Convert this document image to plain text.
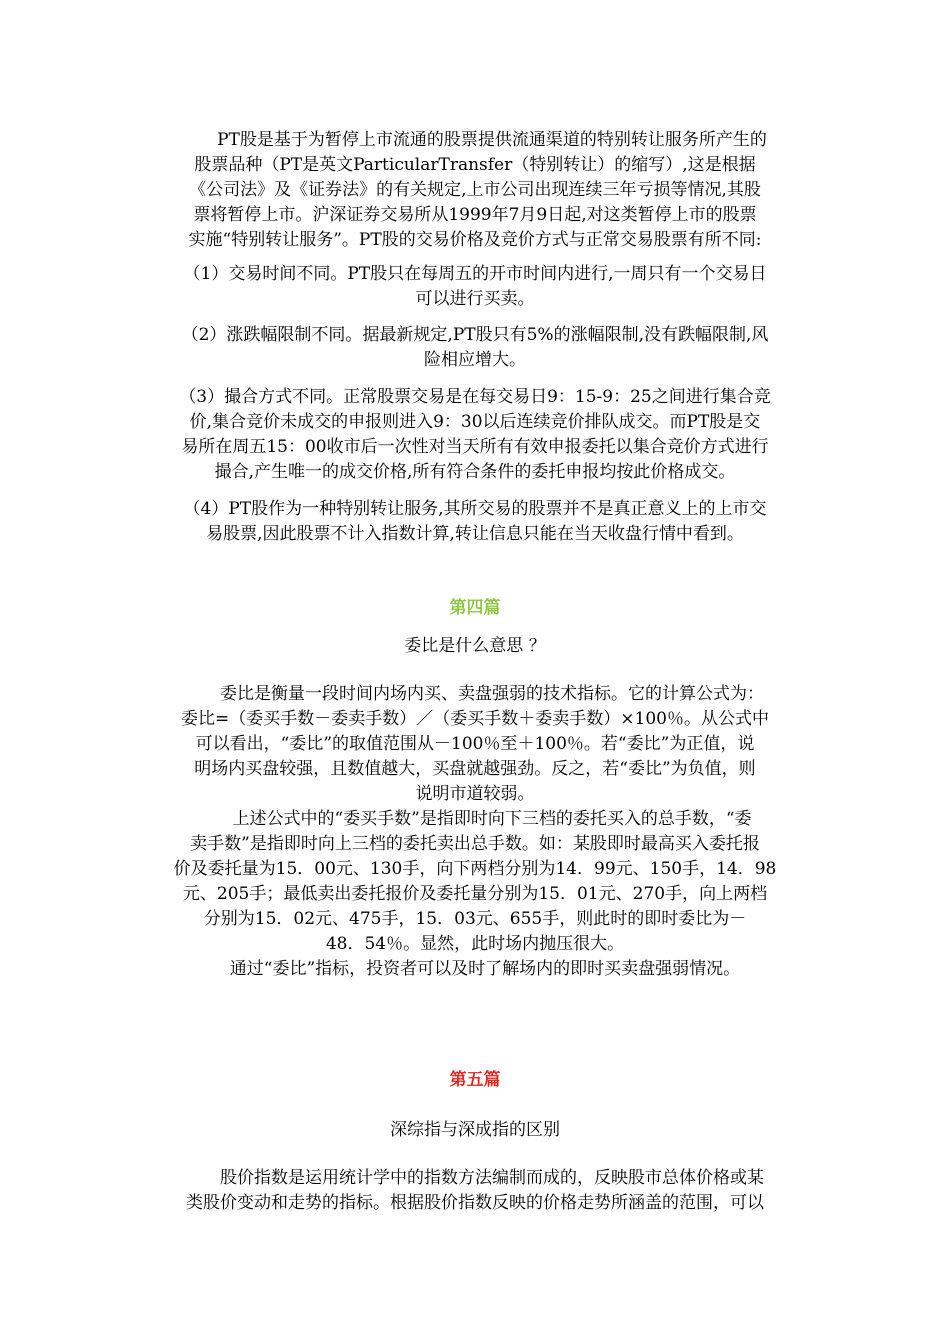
PT股是基于为暂停上市流通的股票提供流通渠道的特别转让服务所产生的
股票品种（PT是英文ParticularTransfer（特别转让）的缩写）,这是根据
《公司法》及《证券法》的有关规定,上市公司出现连续三年亏损等情况,其股
票将暂停上市。沪深证券交易所从1999年7月9日起,对这类暂停上市的股票
实施“特别转让服务”。PT股的交易价格及竞价方式与正常交易股票有所不同:
（1）交易时间不同。PT股只在每周五的开市时间内进行,一周只有一个交易日
可以进行买卖。
（2）涨跌幅限制不同。据最新规定,PT股只有5%的涨幅限制,没有跌幅限制,风
险相应增大。
（3）撮合方式不同。正常股票交易是在每交易日9：15-9：25之间进行集合竞
价,集合竞价未成交的申报则进入9：30以后连续竞价排队成交。而PT股是交
易所在周五15：00收市后一次性对当天所有有效申报委托以集合竞价方式进行
撮合,产生唯一的成交价格,所有符合条件的委托申报均按此价格成交。
（4）PT股作为一种特别转让服务,其所交易的股票并不是真正意义上的上市交
易股票,因此股票不计入指数计算,转让信息只能在当天收盘行情中看到。
第四篇
委比是什么意思 ？
委比是衡量一段时间内场内买、卖盘强弱的技术指标。它的计算公式为：
委比=（委买手数－委卖手数）／（委买手数＋委卖手数）×100％。从公式中
可以看出，“委比”的取值范围从－100％至＋100％。若“委比”为正值，说
明场内买盘较强，且数值越大，买盘就越强劲。反之，若“委比”为负值，则
说明市道较弱。
上述公式中的“委买手数”是指即时向下三档的委托买入的总手数，“委
卖手数”是指即时向上三档的委托卖出总手数。如：某股即时最高买入委托报
价及委托量为15．00元、130手，向下两档分别为14．99元、150手，14．98
元、205手；最低卖出委托报价及委托量分别为15．01元、270手，向上两档
分别为15．02元、475手，15．03元、655手，则此时的即时委比为－
48．54％。显然，此时场内抛压很大。
通过“委比”指标，投资者可以及时了解场内的即时买卖盘强弱情况。
第五篇
深综指与深成指的区别
股价指数是运用统计学中的指数方法编制而成的，反映股市总体价格或某
类股价变动和走势的指标。根据股价指数反映的价格走势所涵盖的范围，可以
